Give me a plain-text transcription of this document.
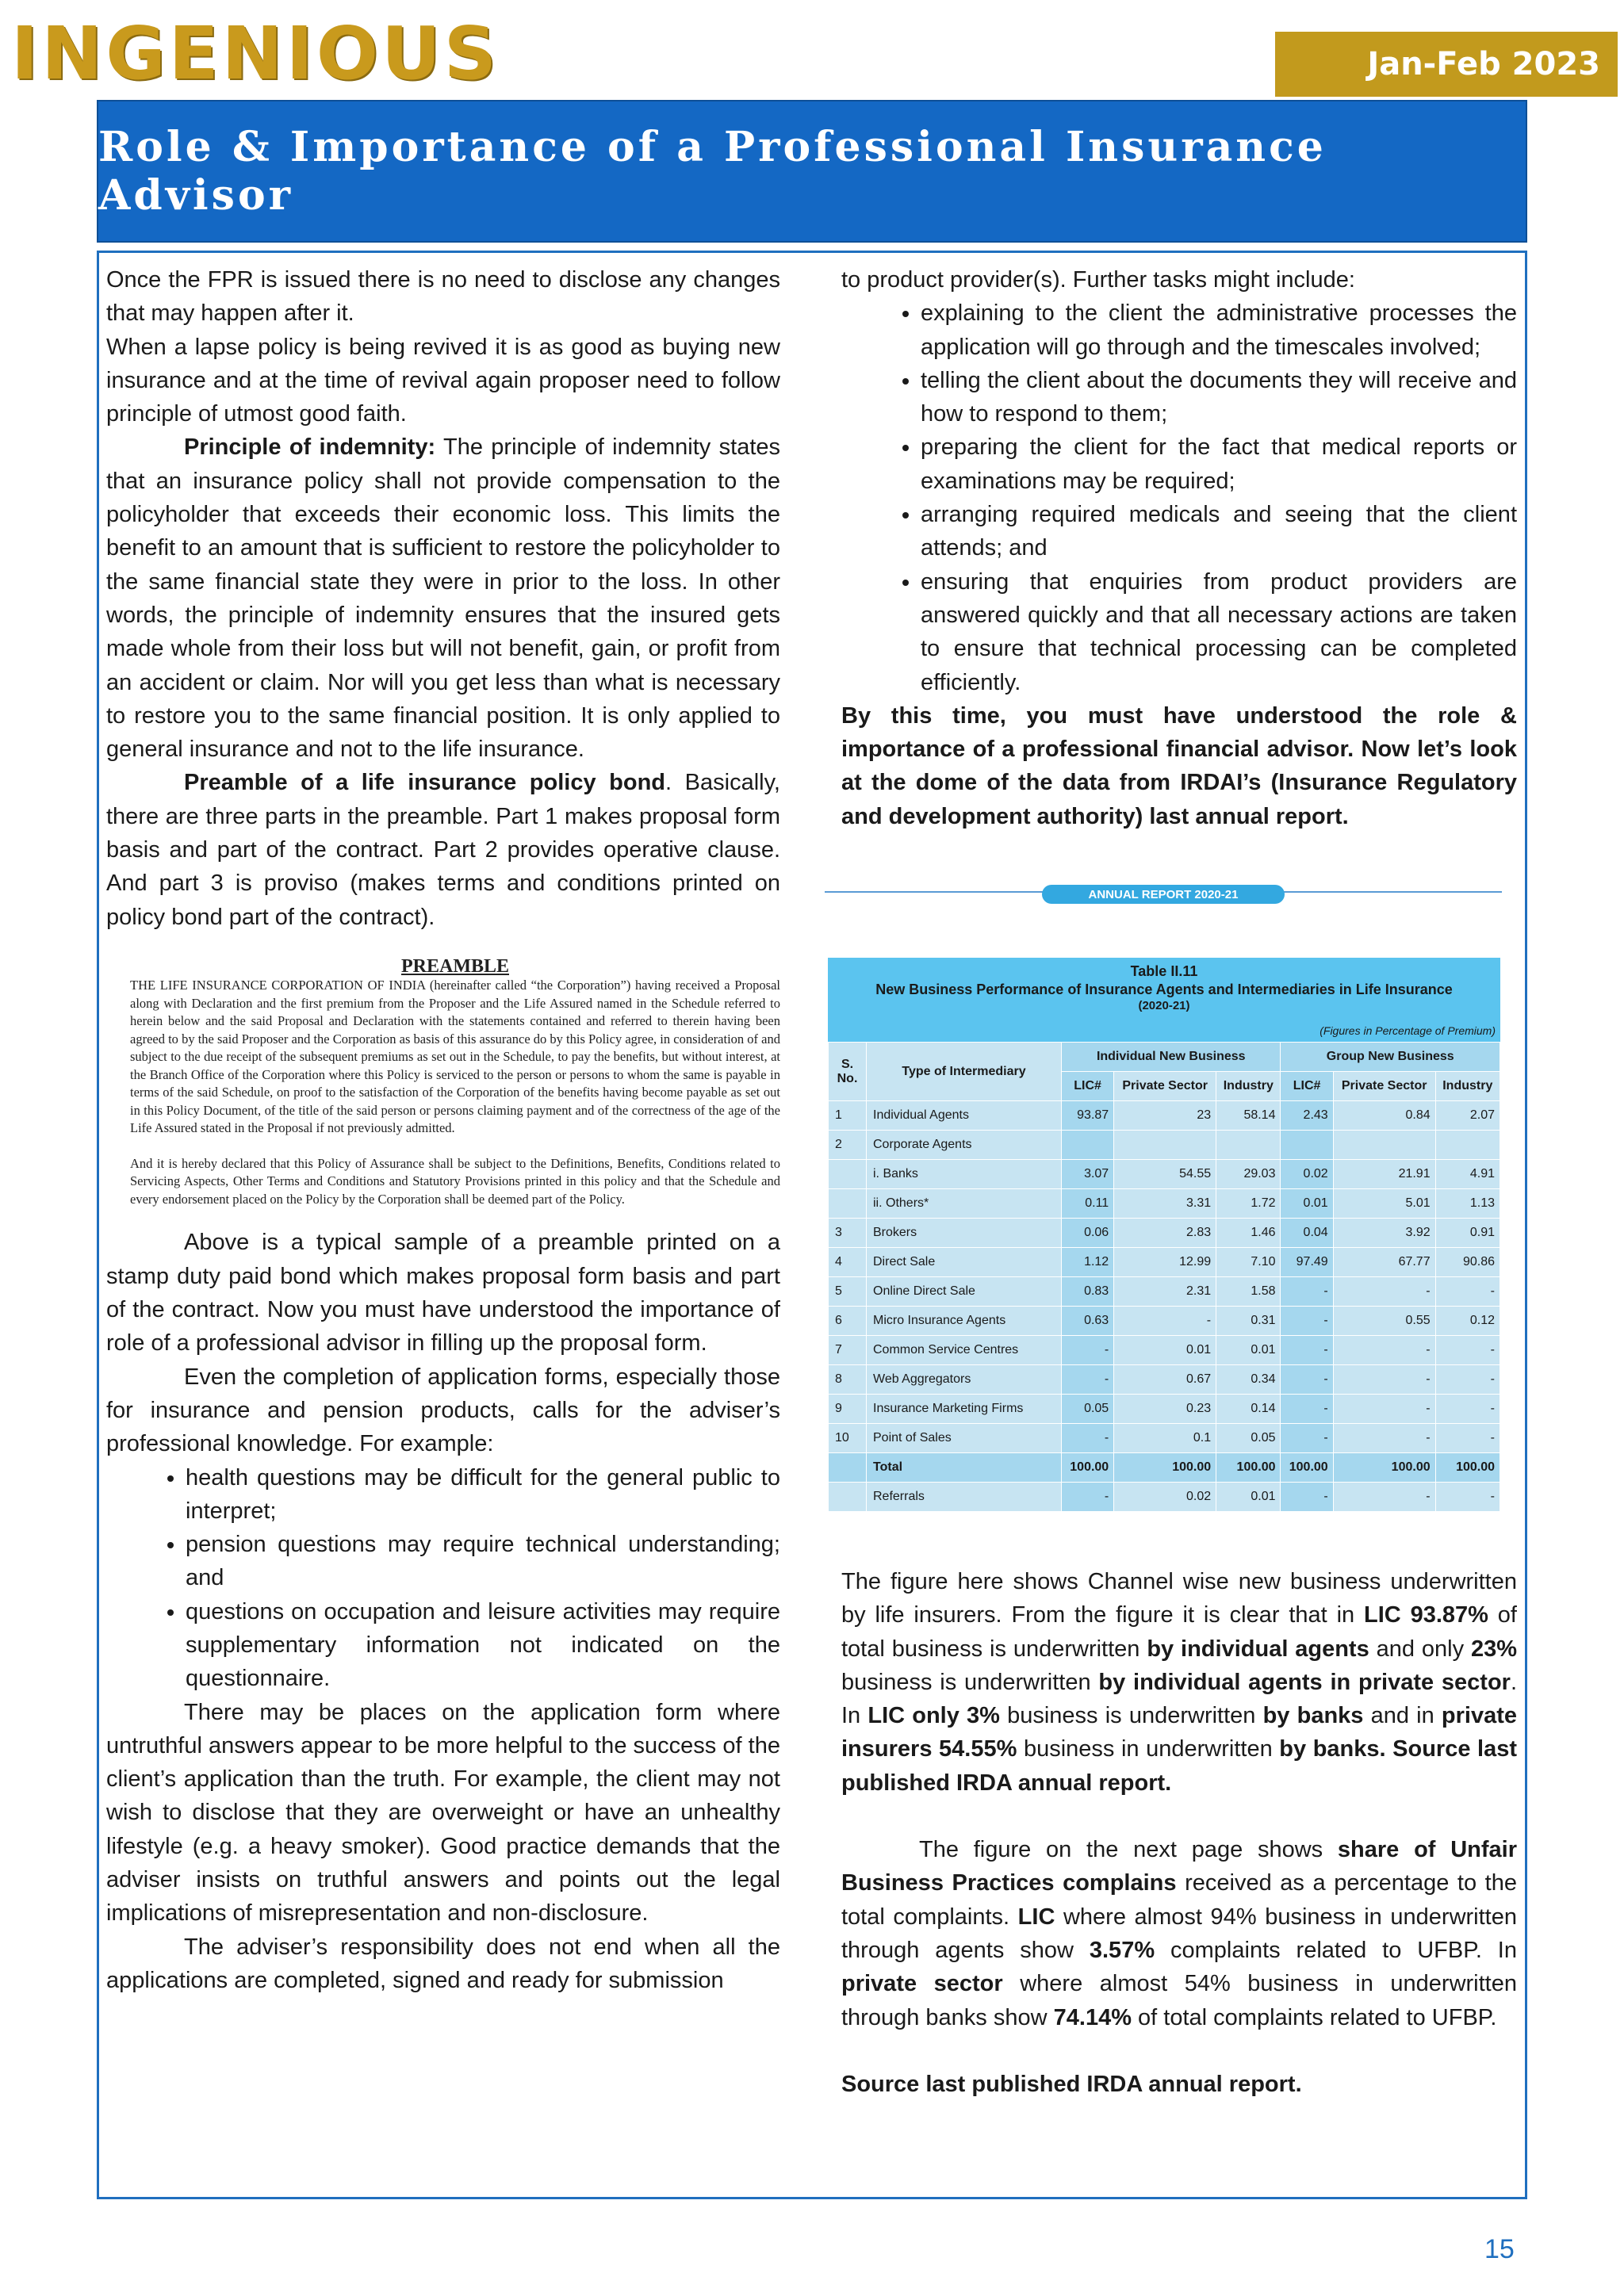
INGENIOUS	Jan-Feb 2023
Role & Importance of a Professional Insurance Advisor

Once the FPR is issued there is no need to disclose any changes that may happen after it.

When a lapse policy is being revived it is as good as buying new insurance and at the time of revival again proposer need to follow principle of utmost good faith.

Principle of indemnity: The principle of indemnity states that an insurance policy shall not provide compensation to the policyholder that exceeds their economic loss. This limits the benefit to an amount that is sufficient to restore the policyholder to the same financial state they were in prior to the loss. In other words, the principle of indemnity ensures that the insured gets made whole from their loss but will not benefit, gain, or profit from an accident or claim. Nor will you get less than what is necessary to restore you to the same financial position. It is only applied to general insurance and not to the life insurance.

Preamble of a life insurance policy bond. Basically, there are three parts in the preamble. Part 1 makes proposal form basis and part of the contract. Part 2 provides operative clause. And part 3 is proviso (makes terms and conditions printed on policy bond part of the contract).

PREAMBLE

THE LIFE INSURANCE CORPORATION OF INDIA (hereinafter called “the Corporation”) having received a Proposal along with Declaration and the first premium from the Proposer and the Life Assured named in the Schedule referred to herein below and the said Proposal and Declaration with the statements contained and referred to therein having been agreed to by the said Proposer and the Corporation as basis of this assurance do by this Policy agree, in consideration of and subject to the due receipt of the subsequent premiums as set out in the Schedule, to pay the benefits, but without interest, at the Branch Office of the Corporation where this Policy is serviced to the person or persons to whom the same is payable in terms of the said Schedule, on proof to the satisfaction of the Corporation of the benefits having become payable as set out in this Policy Document, of the title of the said person or persons claiming payment and of the correctness of the age of the Life Assured stated in the Proposal if not previously admitted.

And it is hereby declared that this Policy of Assurance shall be subject to the Definitions, Benefits, Conditions related to Servicing Aspects, Other Terms and Conditions and Statutory Provisions printed in this policy and that the Schedule and every endorsement placed on the Policy by the Corporation shall be deemed part of the Policy.

Above is a typical sample of a preamble printed on a stamp duty paid bond which makes proposal form basis and part of the contract. Now you must have understood the importance of role of a professional advisor in filling up the proposal form.

Even the completion of application forms, especially those for insurance and pension products, calls for the adviser’s professional knowledge. For example:

• health questions may be difficult for the general public to interpret;
• pension questions may require technical understanding; and
• questions on occupation and leisure activities may require supplementary information not indicated on the questionnaire.

There may be places on the application form where untruthful answers appear to be more helpful to the success of the client’s application than the truth. For example, the client may not wish to disclose that they are overweight or have an unhealthy lifestyle (e.g. a heavy smoker). Good practice demands that the adviser insists on truthful answers and points out the legal implications of misrepresentation and non-disclosure.

The adviser’s responsibility does not end when all the applications are completed, signed and ready for submission

to product provider(s). Further tasks might include:

• explaining to the client the administrative processes the application will go through and the timescales involved;
• telling the client about the documents they will receive and how to respond to them;
• preparing the client for the fact that medical reports or examinations may be required;
• arranging required medicals and seeing that the client attends; and
• ensuring that enquiries from product providers are answered quickly and that all necessary actions are taken to ensure that technical processing can be completed efficiently.

By this time, you must have understood the role & importance of a professional financial advisor. Now let’s look at the dome of the data from IRDAI’s (Insurance Regulatory and development authority) last annual report.

ANNUAL REPORT 2020-21
Table II.11
New Business Performance of Insurance Agents and Intermediaries in Life Insurance
(2020-21)
(Figures in Percentage of Premium)
S. No.	Type of Intermediary	Individual New Business			Group New Business		
		LIC#	Private Sector	Industry	LIC#	Private Sector	Industry
1	Individual Agents	93.87	23	58.14	2.43	0.84	2.07
2	Corporate Agents						
	i. Banks	3.07	54.55	29.03	0.02	21.91	4.91
	ii. Others*	0.11	3.31	1.72	0.01	5.01	1.13
3	Brokers	0.06	2.83	1.46	0.04	3.92	0.91
4	Direct Sale	1.12	12.99	7.10	97.49	67.77	90.86
5	Online Direct Sale	0.83	2.31	1.58	-	-	-
6	Micro Insurance Agents	0.63	-	0.31	-	0.55	0.12
7	Common Service Centres	-	0.01	0.01	-	-	-
8	Web Aggregators	-	0.67	0.34	-	-	-
9	Insurance Marketing Firms	0.05	0.23	0.14	-	-	-
10	Point of Sales	-	0.1	0.05	-	-	-
	Total	100.00	100.00	100.00	100.00	100.00	100.00
	Referrals	-	0.02	0.01	-	-	-

The figure here shows Channel wise new business underwritten by life insurers. From the figure it is clear that in LIC 93.87% of total business is underwritten by individual agents and only 23% business is underwritten by individual agents in private sector. In LIC only 3% business is underwritten by banks and in private insurers 54.55% business in underwritten by banks. Source last published IRDA annual report.

The figure on the next page shows share of Unfair Business Practices complains received as a percentage to the total complaints. LIC where almost 94% business in underwritten through agents show 3.57% complaints related to UFBP. In private sector where almost 54% business in underwritten through banks show 74.14% of total complaints related to UFBP.

Source last published IRDA annual report.

15
